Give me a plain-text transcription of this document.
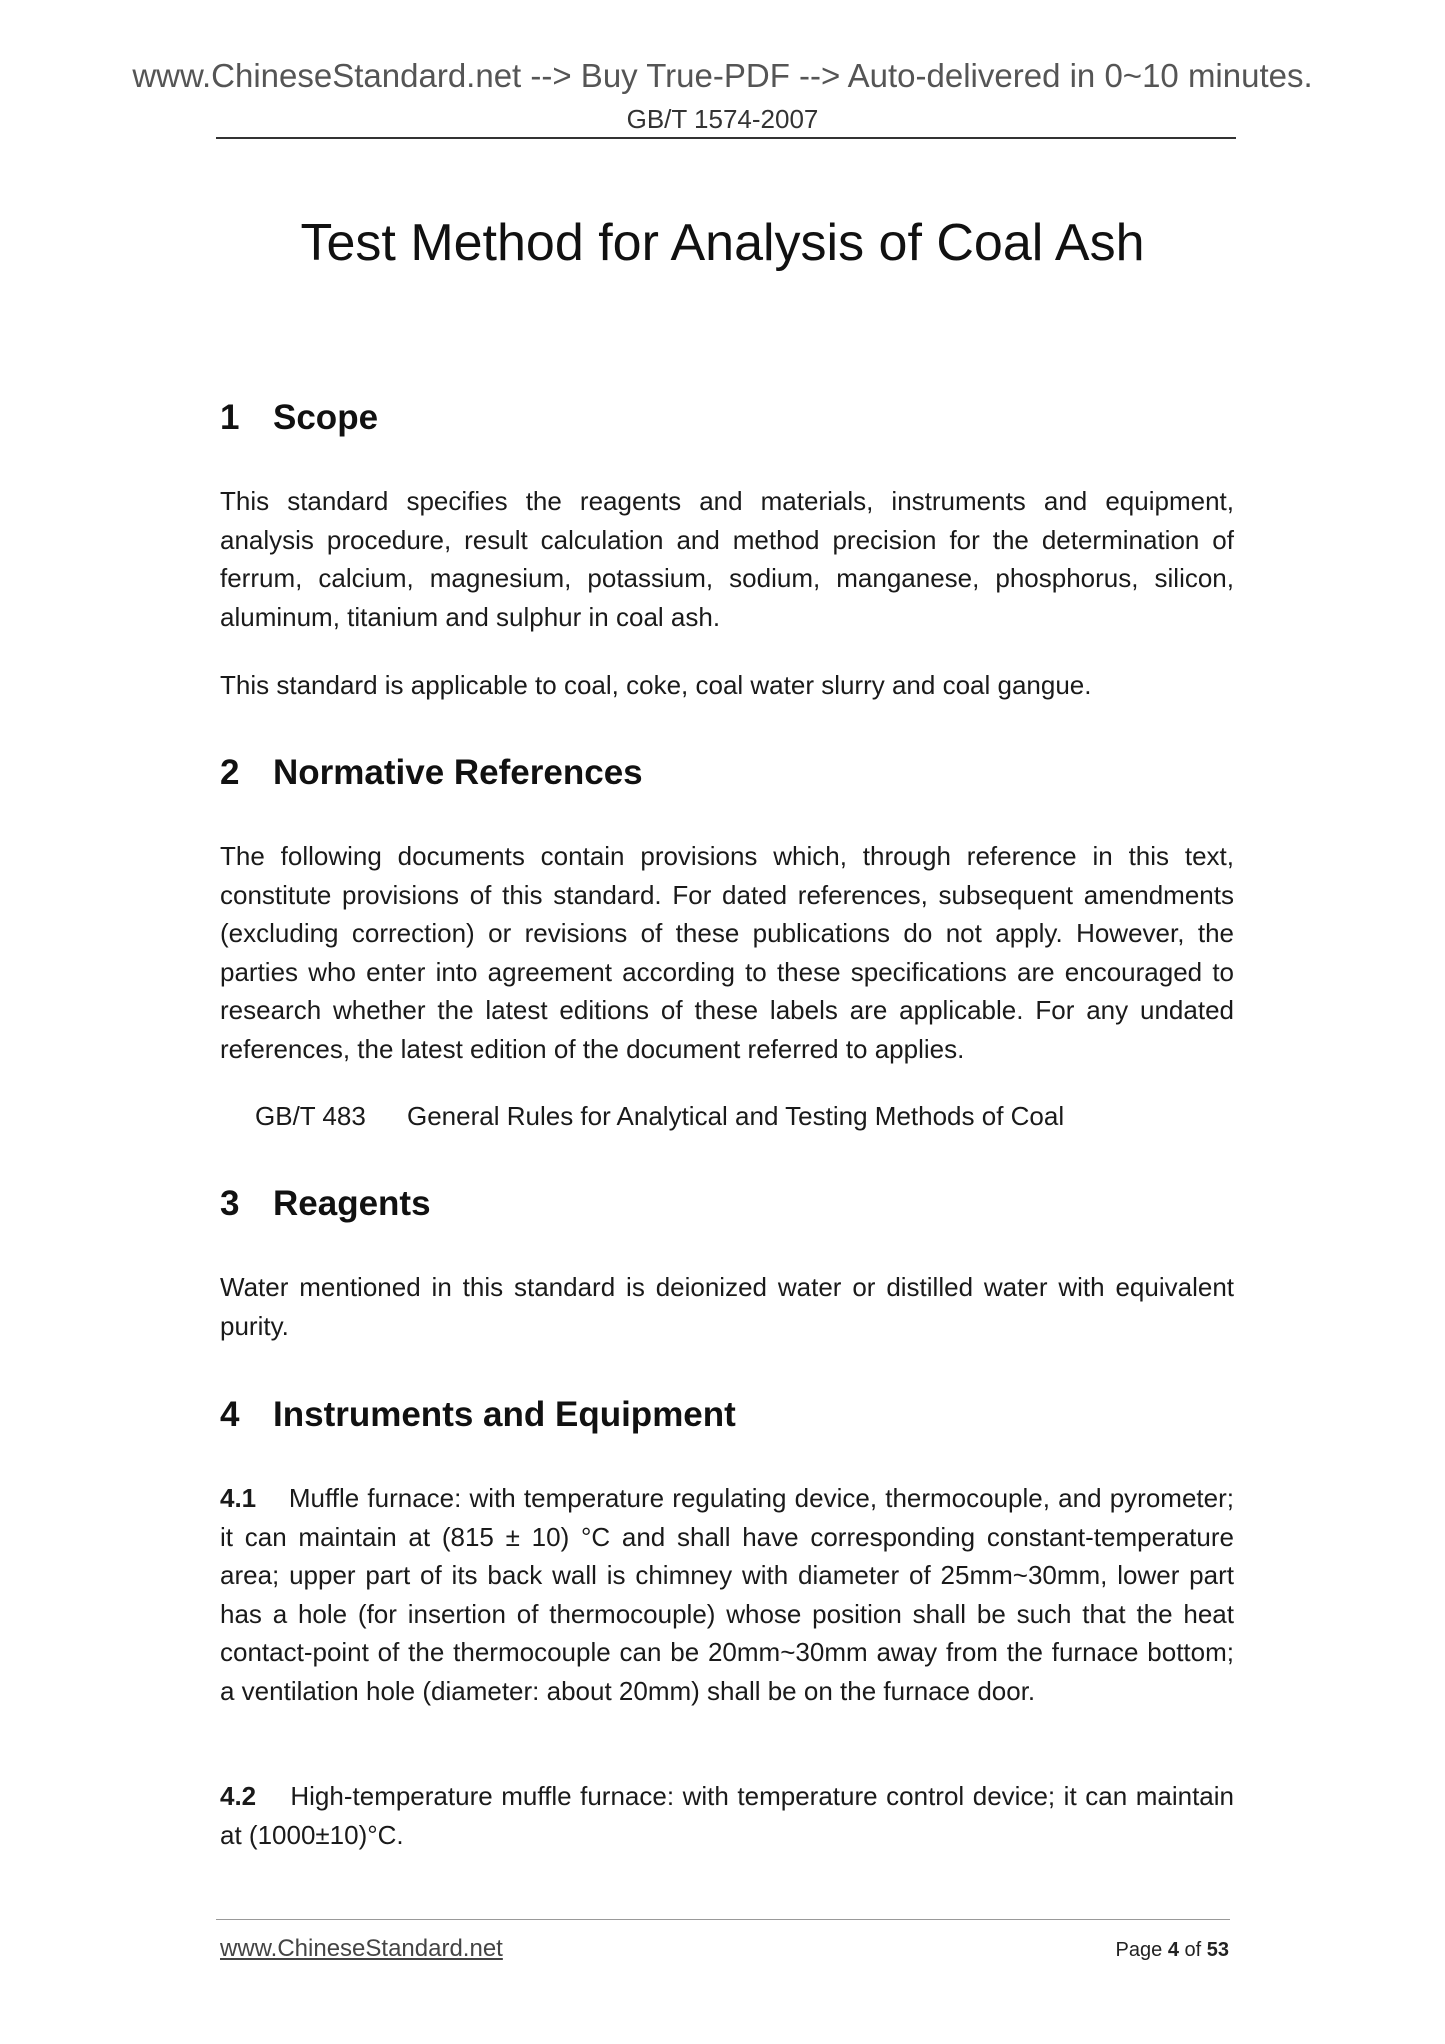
www.ChineseStandard.net --> Buy True-PDF --> Auto-delivered in 0~10 minutes.
GB/T 1574-2007
Test Method for Analysis of Coal Ash
1 Scope
This standard specifies the reagents and materials, instruments and equipment, analysis procedure, result calculation and method precision for the determination of ferrum, calcium, magnesium, potassium, sodium, manganese, phosphorus, silicon, aluminum, titanium and sulphur in coal ash.
This standard is applicable to coal, coke, coal water slurry and coal gangue.
2 Normative References
The following documents contain provisions which, through reference in this text, constitute provisions of this standard. For dated references, subsequent amendments (excluding correction) or revisions of these publications do not apply. However, the parties who enter into agreement according to these specifications are encouraged to research whether the latest editions of these labels are applicable. For any undated references, the latest edition of the document referred to applies.
GB/T 483 General Rules for Analytical and Testing Methods of Coal
3 Reagents
Water mentioned in this standard is deionized water or distilled water with equivalent purity.
4 Instruments and Equipment
4.1 Muffle furnace: with temperature regulating device, thermocouple, and pyrometer; it can maintain at (815 ± 10) °C and shall have corresponding constant-temperature area; upper part of its back wall is chimney with diameter of 25mm~30mm, lower part has a hole (for insertion of thermocouple) whose position shall be such that the heat contact-point of the thermocouple can be 20mm~30mm away from the furnace bottom; a ventilation hole (diameter: about 20mm) shall be on the furnace door.
4.2 High-temperature muffle furnace: with temperature control device; it can maintain at (1000±10)°C.
www.ChineseStandard.net	Page 4 of 53
